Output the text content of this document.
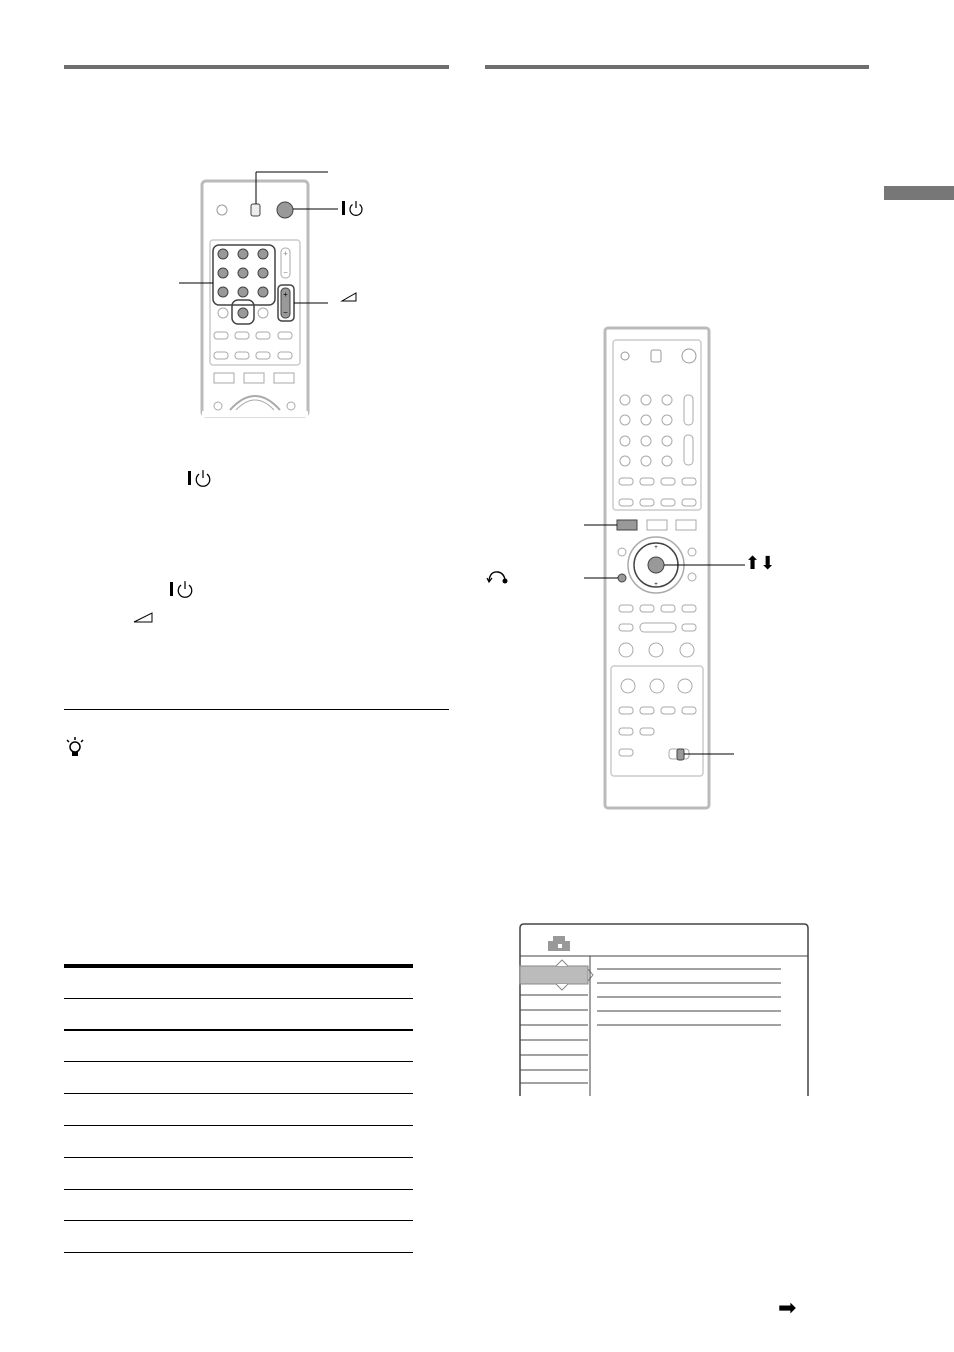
+
−
+
−
+
+
⬆⬇
➡
